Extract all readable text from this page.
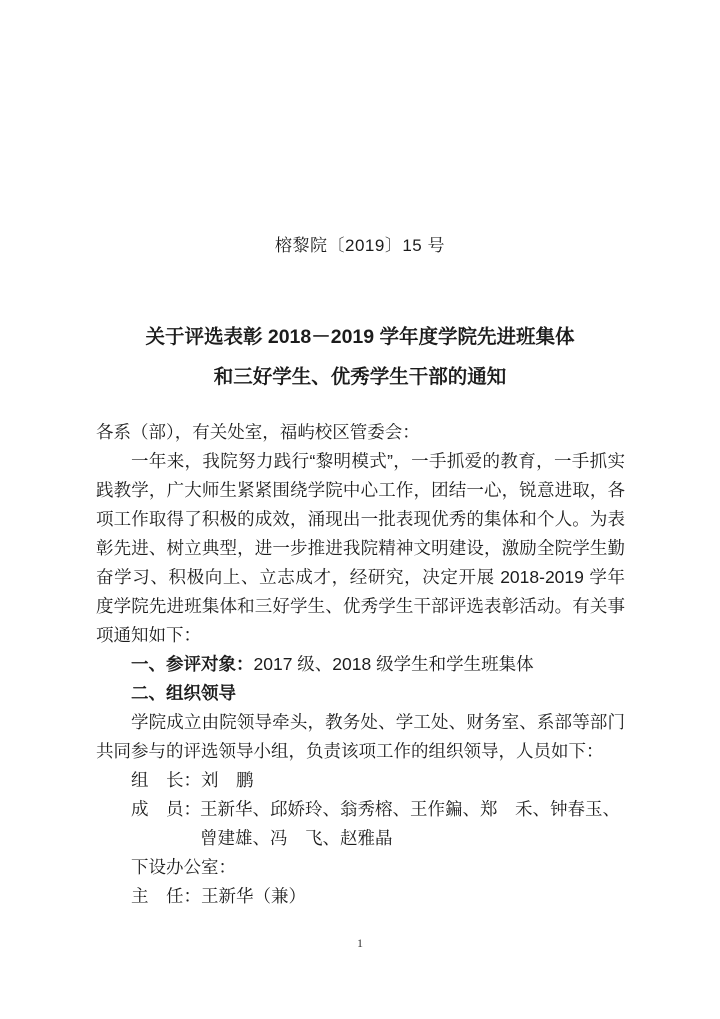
榕黎院〔2019〕15 号
关于评选表彰 2018－2019 学年度学院先进班集体
和三好学生、优秀学生干部的通知
各系（部），有关处室，福屿校区管委会：
一年来，我院努力践行“黎明模式”，一手抓爱的教育，一手抓实践教学，广大师生紧紧围绕学院中心工作，团结一心，锐意进取，各项工作取得了积极的成效，涌现出一批表现优秀的集体和个人。为表彰先进、树立典型，进一步推进我院精神文明建设，激励全院学生勤奋学习、积极向上、立志成才，经研究，决定开展 2018-2019 学年度学院先进班集体和三好学生、优秀学生干部评选表彰活动。有关事项通知如下：
一、参评对象：2017 级、2018 级学生和学生班集体
二、组织领导
学院成立由院领导牵头，教务处、学工处、财务室、系部等部门共同参与的评选领导小组，负责该项工作的组织领导，人员如下：
组　长：刘　鹏
成　员： 王新华、邱娇玲、翁秀榕、王作鍽、郑　禾、钟春玉、
曾建雄、冯　飞、赵雅晶
下设办公室：
主　任：王新华（兼）
1
